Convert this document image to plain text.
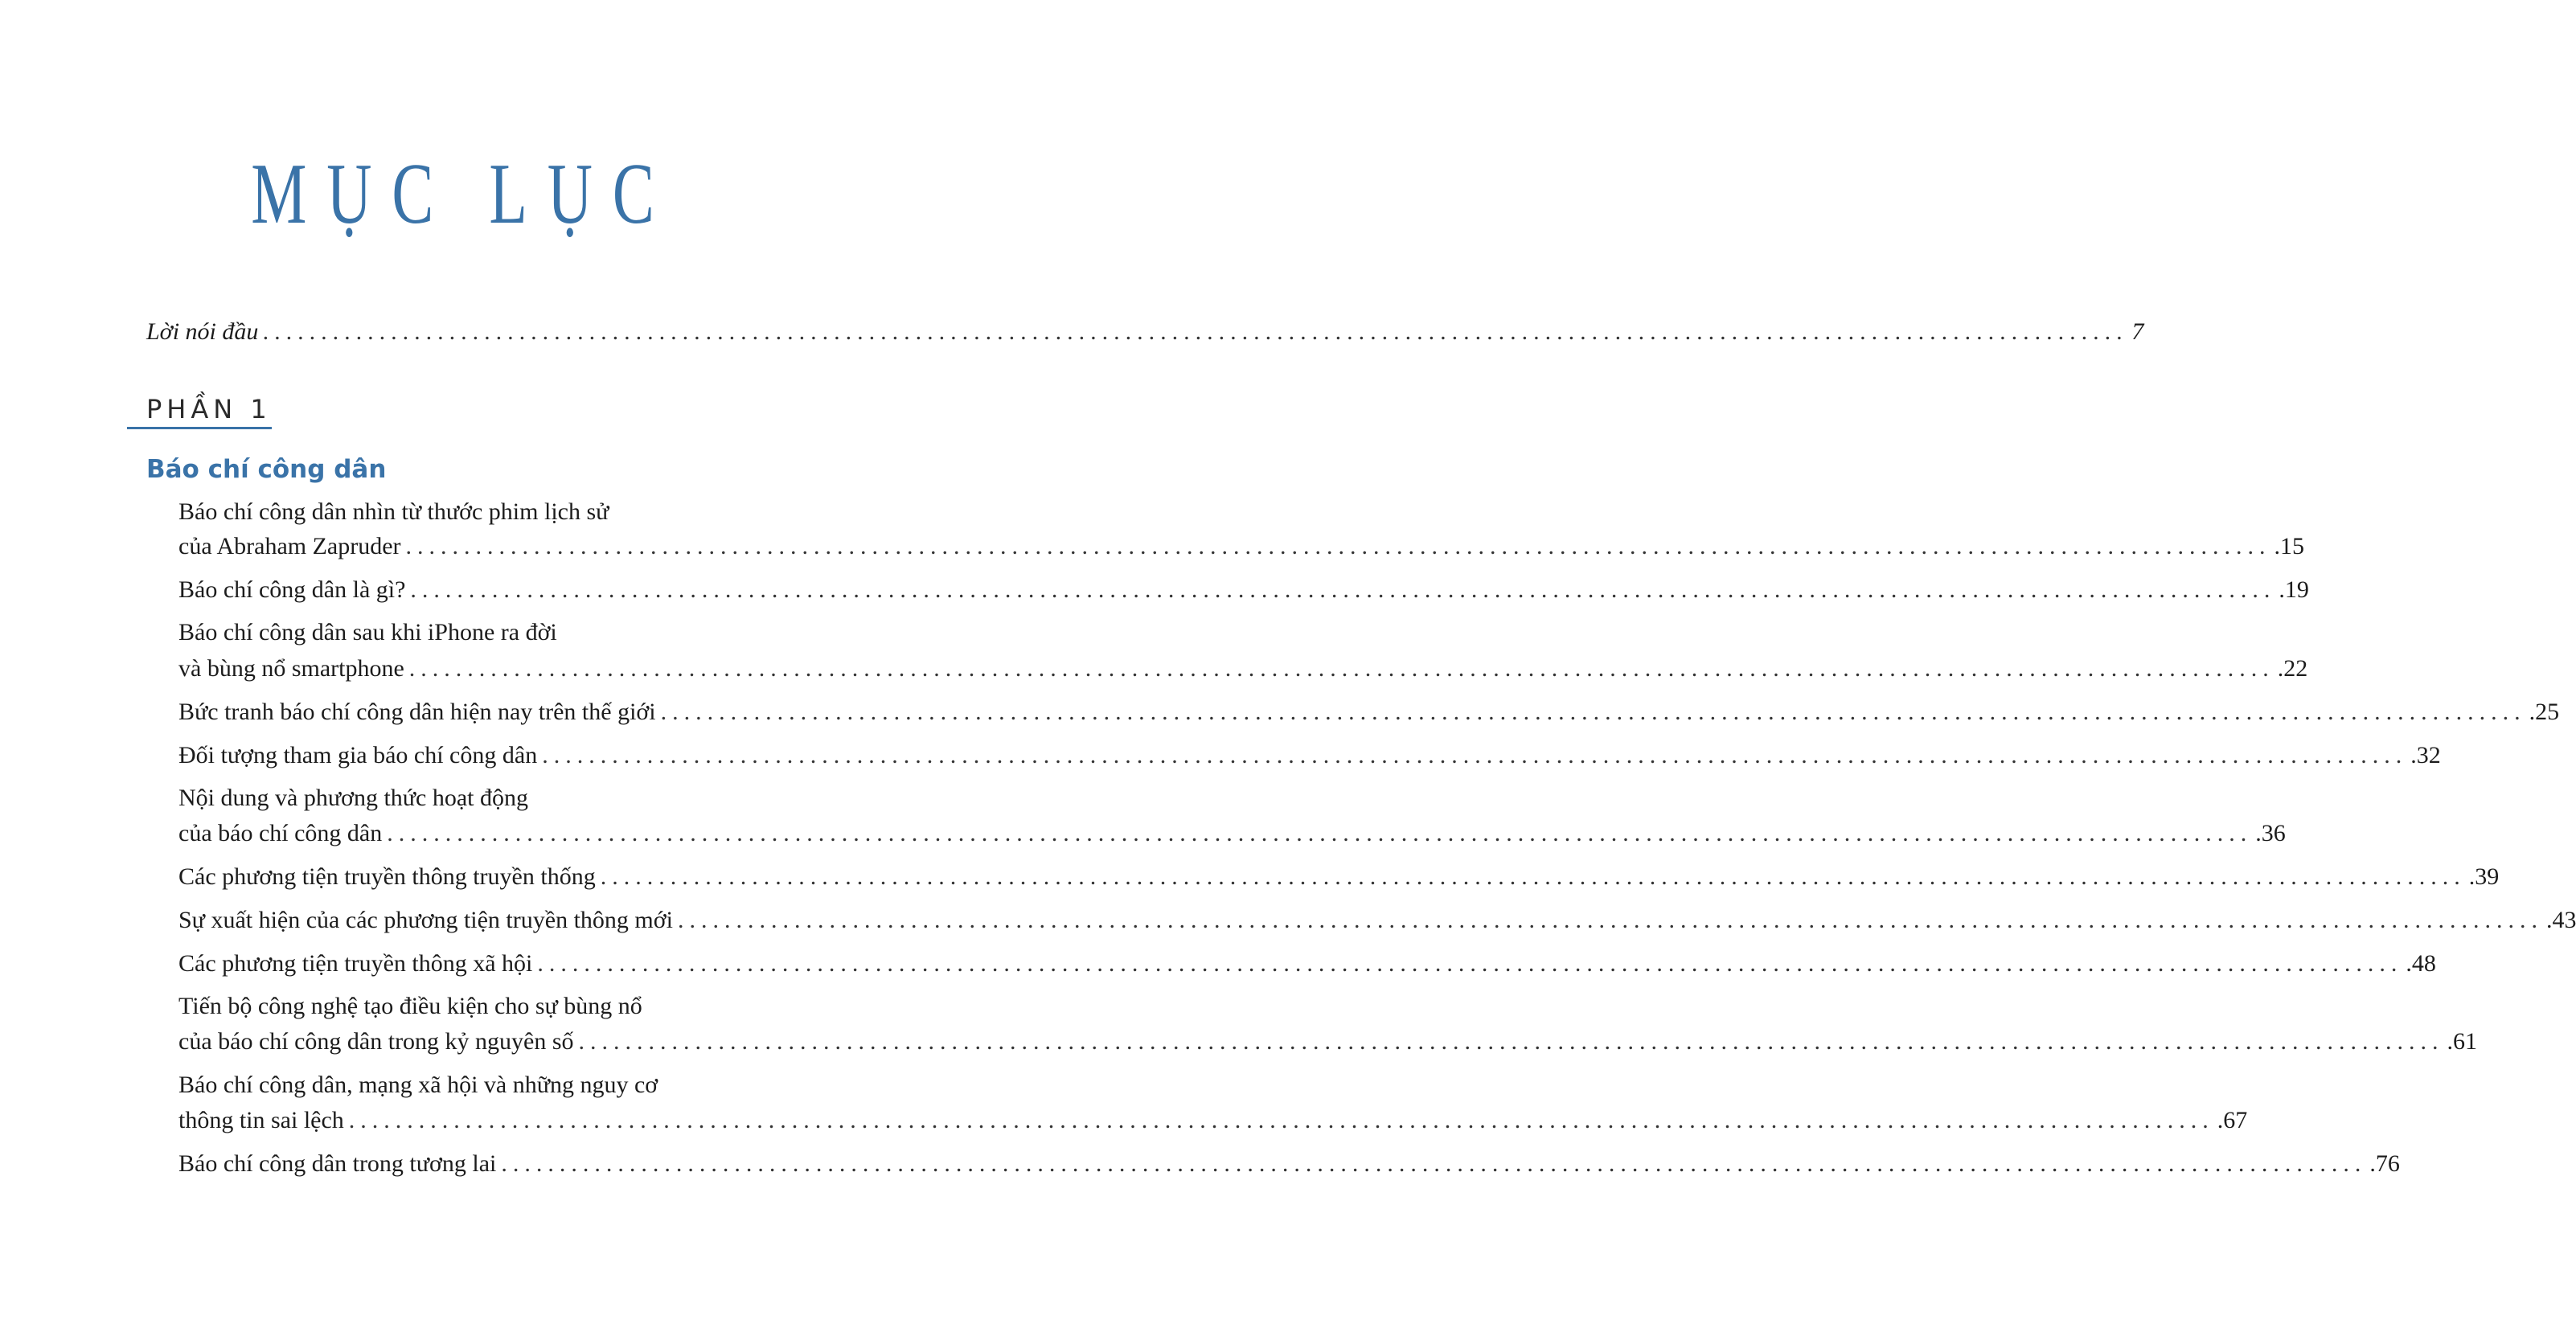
MỤC LỤC
Lời nói đầu ................................................................................................................................................................ 7
PHẦN 1
Báo chí công dân
Báo chí công dân nhìn từ thước phim lịch sử
của Abraham Zapruder ................................................................................................................................................................ .15
Báo chí công dân là gì? ................................................................................................................................................................ .19
Báo chí công dân sau khi iPhone ra đời
và bùng nổ smartphone ................................................................................................................................................................ .22
Bức tranh báo chí công dân hiện nay trên thế giới ................................................................................................................................................................ .25
Đối tượng tham gia báo chí công dân ................................................................................................................................................................ .32
Nội dung và phương thức hoạt động
của báo chí công dân ................................................................................................................................................................ .36
Các phương tiện truyền thông truyền thống ................................................................................................................................................................ .39
Sự xuất hiện của các phương tiện truyền thông mới ................................................................................................................................................................ .43
Các phương tiện truyền thông xã hội ................................................................................................................................................................ .48
Tiến bộ công nghệ tạo điều kiện cho sự bùng nổ
của báo chí công dân trong kỷ nguyên số ................................................................................................................................................................ .61
Báo chí công dân, mạng xã hội và những nguy cơ
thông tin sai lệch ................................................................................................................................................................ .67
Báo chí công dân trong tương lai ................................................................................................................................................................ .76
